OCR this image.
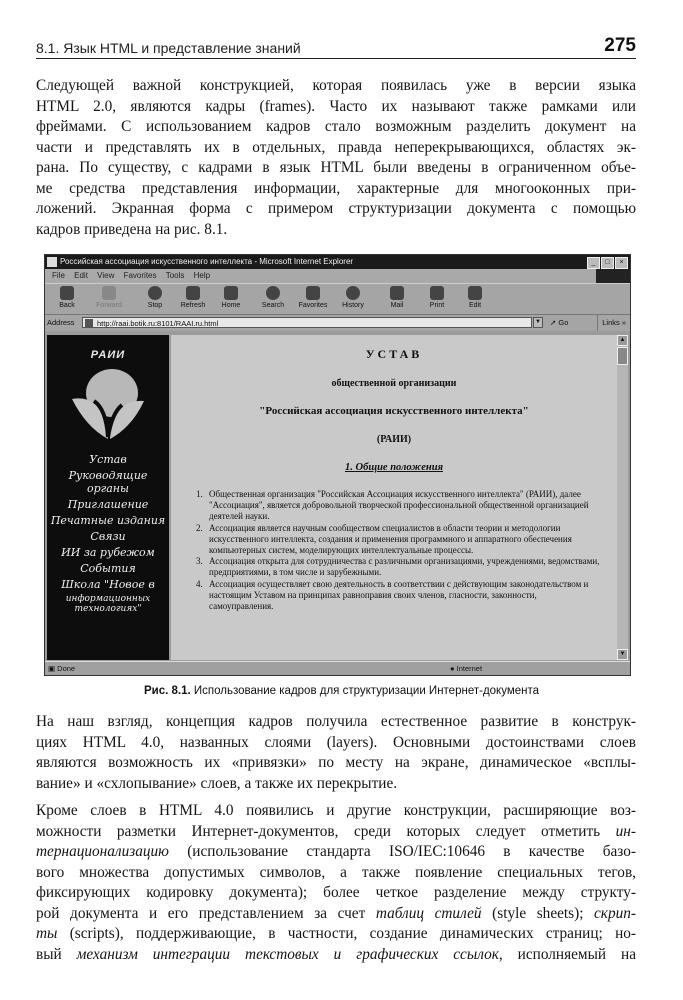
8.1. Язык HTML и представление знаний	275
Следующей важной конструкцией, которая появилась уже в версии языка
HTML 2.0, являются кадры (frames). Часто их называют также рамками или
фреймами. С использованием кадров стало возможным разделить документ на
части и представлять их в отдельных, правда неперекрывающихся, областях эк-
рана. По существу, с кадрами в язык HTML были введены в ограниченном объе-
ме средства представления информации, характерные для многооконных при-
ложений. Экранная форма с примером структуризации документа с помощью
кадров приведена на рис. 8.1.
Российская ассоциация искусственного интеллекта - Microsoft Internet Explorer	_	□	×
File Edit View Favorites Tools Help
Back	Forward	Stop	Refresh	Home	Search	Favorites	History	Mail	Print	Edit
Address	http://raai.botik.ru:8101/RAAI.ru.html	▼ ➚ Go	Links »
РАИИ
Устав
Руководящие органы
Приглашение
Печатные издания
Связи
ИИ за рубежом
События
Школа "Новое в
информационных технологиях"
УСТАВ
общественной организации
"Российская ассоциация искусственного интеллекта"
(РАИИ)
1. Общие положения
1. Общественная организация "Российская Ассоциация искусственного интеллекта" (РАИИ), далее "Ассоциация", является добровольной творческой профессиональной общественной организацией деятелей науки.
2. Ассоциация является научным сообществом специалистов в области теории и методологии искусственного интеллекта, создания и применения программного и аппаратного обеспечения компьютерных систем, моделирующих интеллектуальные процессы.
3. Ассоциация открыта для сотрудничества с различными организациями, учреждениями, ведомствами, предприятиями, в том числе и зарубежными.
4. Ассоциация осуществляет свою деятельность в соответствии с действующим законодательством и настоящим Уставом на принципах равноправия своих членов, гласности, законности, самоуправления.
▲
▼
▣ Done	● Internet
Рис. 8.1. Использование кадров для структуризации Интернет-документа
На наш взгляд, концепция кадров получила естественное развитие в конструк-
циях HTML 4.0, названных слоями (layers). Основными достоинствами слоев
являются возможность их «привязки» по месту на экране, динамическое «всплы-
вание» и «схлопывание» слоев, а также их перекрытие.
Кроме слоев в HTML 4.0 появились и другие конструкции, расширяющие воз-
можности разметки Интернет-документов, среди которых следует отметить ин-
тернационализацию (использование стандарта ISO/IEC:10646 в качестве базо-
вого множества допустимых символов, а также появление специальных тегов,
фиксирующих кодировку документа); более четкое разделение между структу-
рой документа и его представлением за счет таблиц стилей (style sheets); скрип-
ты (scripts), поддерживающие, в частности, создание динамических страниц; но-
вый механизм интеграции текстовых и графических ссылок, исполняемый на
